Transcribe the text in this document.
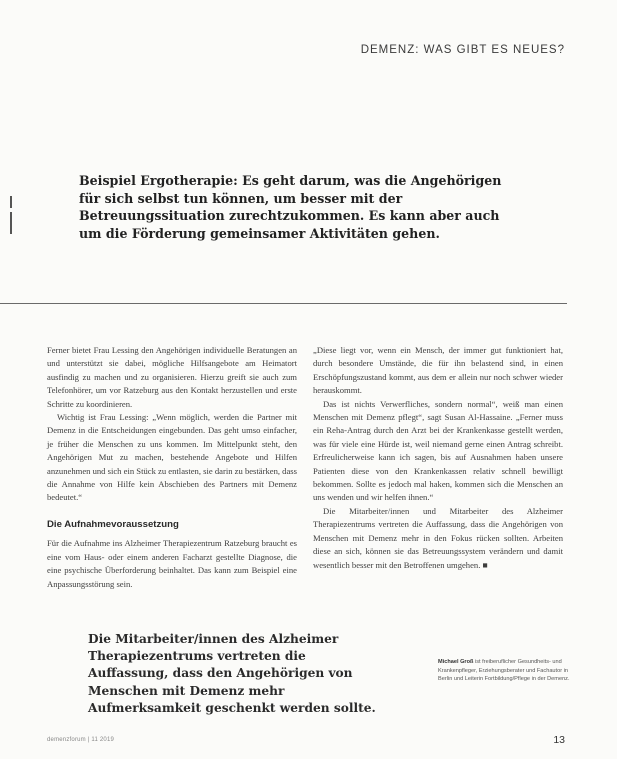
DEMENZ: WAS GIBT ES NEUES?
Beispiel Ergotherapie: Es geht darum, was die Angehörigen für sich selbst tun können, um besser mit der Betreuungssituation zurechtzukommen. Es kann aber auch um die Förderung gemeinsamer Aktivitäten gehen.

Ferner bietet Frau Lessing den Angehörigen individuelle Beratungen an und unterstützt sie dabei, mögliche Hilfsangebote am Heimatort ausfindig zu machen und zu organisieren. Hierzu greift sie auch zum Telefonhörer, um vor Ratzeburg aus den Kontakt herzustellen und erste Schritte zu koordinieren.

Wichtig ist Frau Lessing: „Wenn möglich, werden die Partner mit Demenz in die Entscheidungen eingebunden. Das geht umso einfacher, je früher die Menschen zu uns kommen. Im Mittelpunkt steht, den Angehörigen Mut zu machen, bestehende Angebote und Hilfen anzunehmen und sich ein Stück zu entlasten, sie darin zu bestärken, dass die Annahme von Hilfe kein Abschieben des Partners mit Demenz bedeutet.“

Die Aufnahmevoraussetzung

Für die Aufnahme ins Alzheimer Therapiezentrum Ratzeburg braucht es eine vom Haus- oder einem anderen Facharzt gestellte Diagnose, die eine psychische Überforderung beinhaltet. Das kann zum Beispiel eine Anpassungsstörung sein.

„Diese liegt vor, wenn ein Mensch, der immer gut funktioniert hat, durch besondere Umstände, die für ihn belastend sind, in einen Erschöpfungszustand kommt, aus dem er allein nur noch schwer wieder herauskommt.

Das ist nichts Verwerfliches, sondern normal“, weiß man einen Menschen mit Demenz pflegt“, sagt Susan Al-Hassaine. „Ferner muss ein Reha-Antrag durch den Arzt bei der Krankenkasse gestellt werden, was für viele eine Hürde ist, weil niemand gerne einen Antrag schreibt. Erfreulicherweise kann ich sagen, bis auf Ausnahmen haben unsere Patienten diese von den Krankenkassen relativ schnell bewilligt bekommen. Sollte es jedoch mal haken, kommen sich die Menschen an uns wenden und wir helfen ihnen.“

Die Mitarbeiter/innen und Mitarbeiter des Alzheimer Therapiezentrums vertreten die Auffassung, dass die Angehörigen von Menschen mit Demenz mehr in den Fokus rücken sollten. Arbeiten diese an sich, können sie das Betreuungssystem verändern und damit wesentlich besser mit den Betroffenen umgehen. ■

Die Mitarbeiter/innen des Alzheimer Therapiezentrums vertreten die Auffassung, dass den Angehörigen von Menschen mit Demenz mehr Aufmerksamkeit geschenkt werden sollte.
Michael Groß ist freiberuflicher Gesundheits- und Krankenpfleger, Erziehungsberater und Fachautor in Berlin und Leiterin Fortbildung/Pflege in der Demenz.
demenzforum | 11 2019	13
